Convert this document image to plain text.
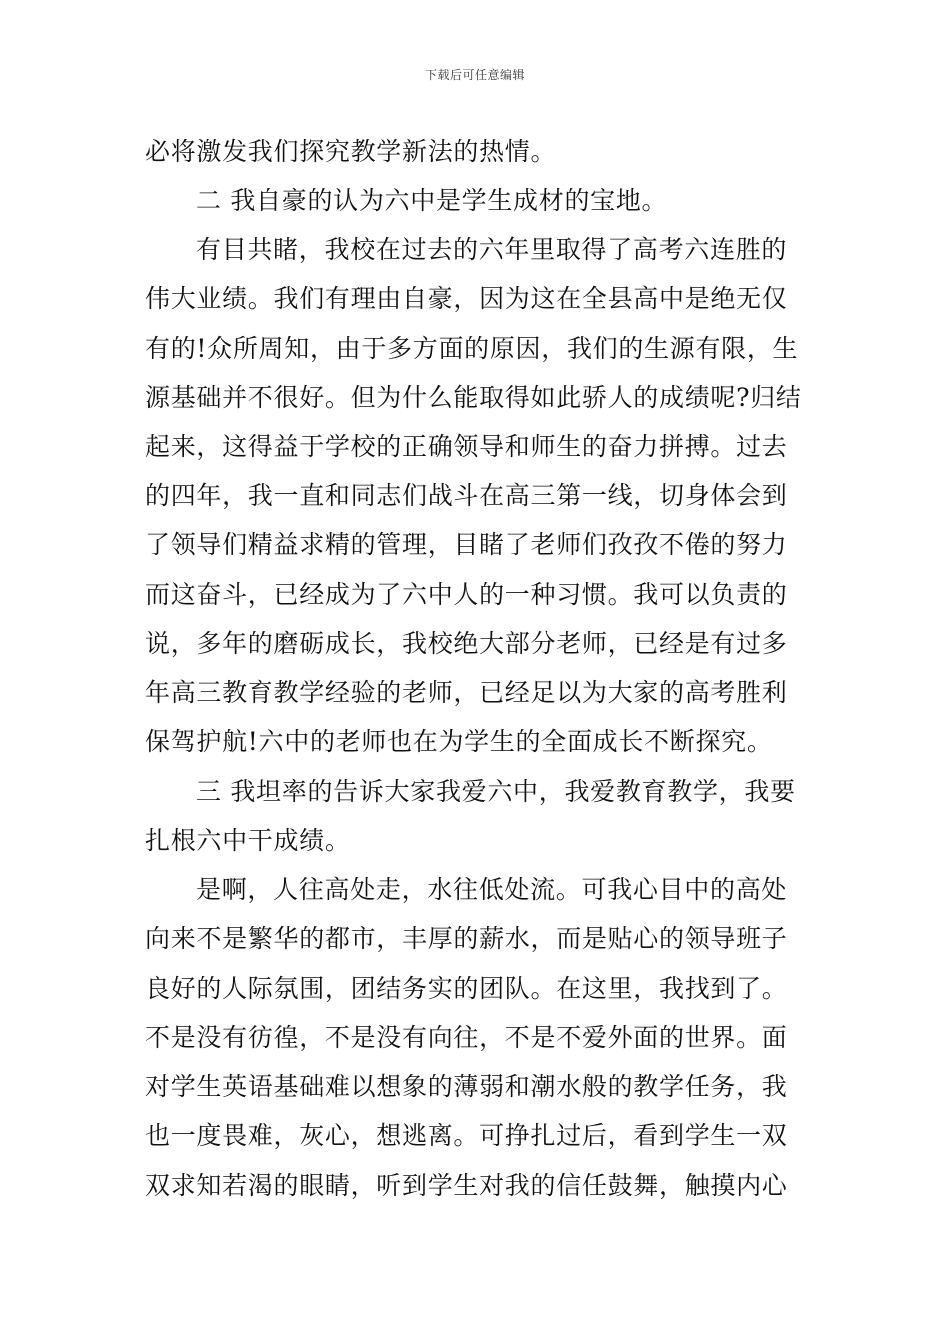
下载后可任意编辑
必将激发我们探究教学新法的热情。
二 我自豪的认为六中是学生成材的宝地。
有目共睹，我校在过去的六年里取得了高考六连胜的
伟大业绩。我们有理由自豪，因为这在全县高中是绝无仅
有的!众所周知，由于多方面的原因，我们的生源有限，生
源基础并不很好。但为什么能取得如此骄人的成绩呢?归结
起来，这得益于学校的正确领导和师生的奋力拼搏。过去
的四年，我一直和同志们战斗在高三第一线，切身体会到
了领导们精益求精的管理，目睹了老师们孜孜不倦的努力
而这奋斗，已经成为了六中人的一种习惯。我可以负责的
说，多年的磨砺成长，我校绝大部分老师，已经是有过多
年高三教育教学经验的老师，已经足以为大家的高考胜利
保驾护航!六中的老师也在为学生的全面成长不断探究。
三 我坦率的告诉大家我爱六中，我爱教育教学，我要
扎根六中干成绩。
是啊，人往高处走，水往低处流。可我心目中的高处
向来不是繁华的都市，丰厚的薪水，而是贴心的领导班子
良好的人际氛围，团结务实的团队。在这里，我找到了。
不是没有彷徨，不是没有向往，不是不爱外面的世界。面
对学生英语基础难以想象的薄弱和潮水般的教学任务，我
也一度畏难，灰心，想逃离。可挣扎过后，看到学生一双
双求知若渴的眼睛，听到学生对我的信任鼓舞，触摸内心
